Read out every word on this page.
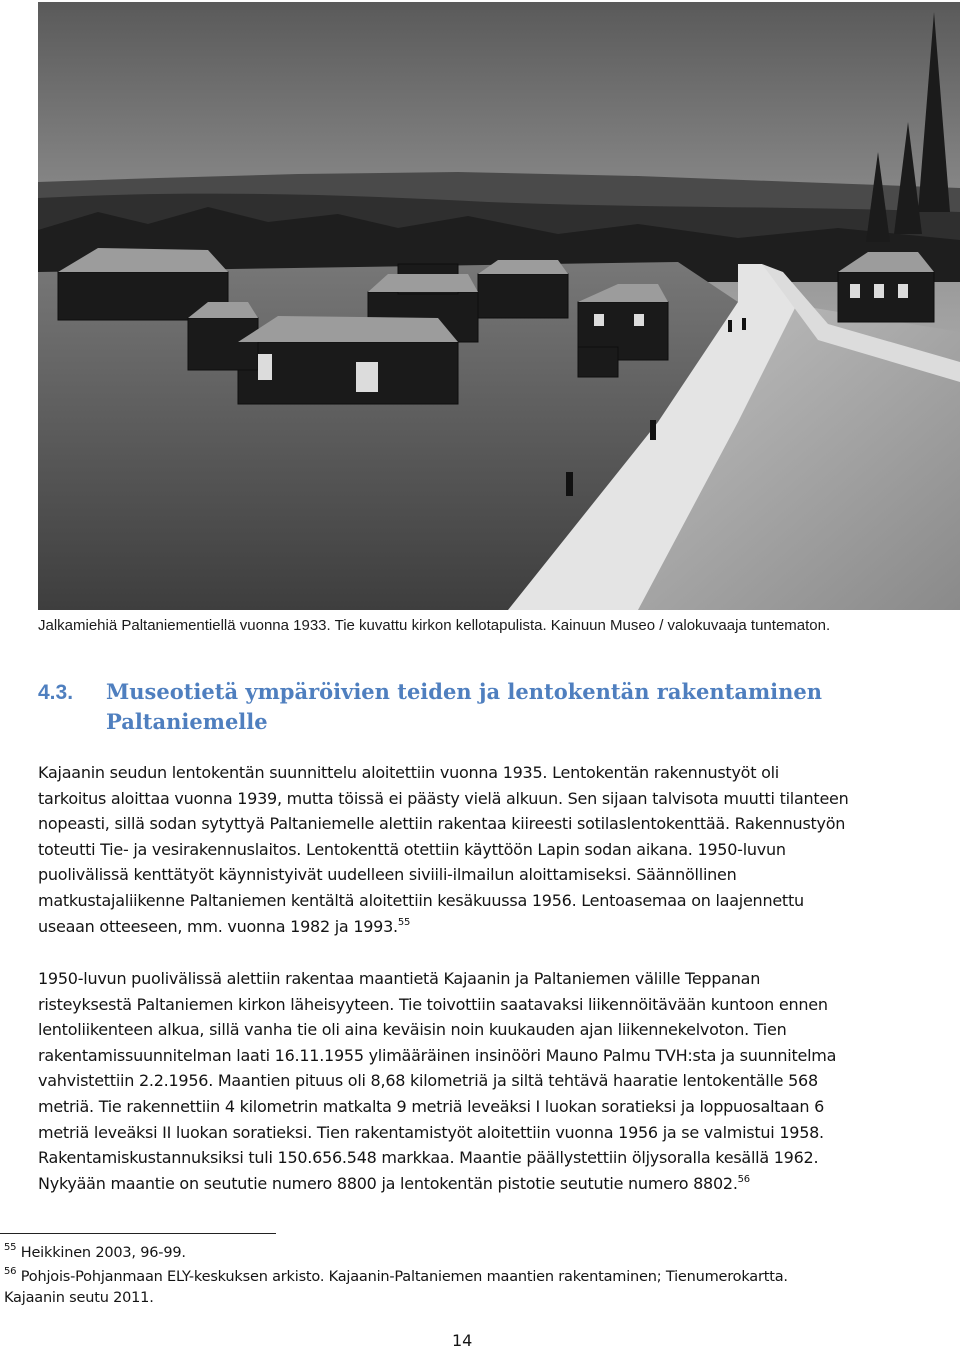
Jalkamiehiä Paltaniementiellä vuonna 1933. Tie kuvattu kirkon kellotapulista. Kainuun Museo / valokuvaaja tuntematon.
4.3. Museotietä ympäröivien teiden ja lentokentän rakentaminen
Paltaniemelle
Kajaanin seudun lentokentän suunnittelu aloitettiin vuonna 1935. Lentokentän rakennustyöt oli
tarkoitus aloittaa vuonna 1939, mutta töissä ei päästy vielä alkuun. Sen sijaan talvisota muutti tilanteen
nopeasti, sillä sodan sytyttyä Paltaniemelle alettiin rakentaa kiireesti sotilaslentokenttää. Rakennustyön
toteutti Tie- ja vesirakennuslaitos. Lentokenttä otettiin käyttöön Lapin sodan aikana. 1950-luvun
puolivälissä kenttätyöt käynnistyivät uudelleen siviili-ilmailun aloittamiseksi. Säännöllinen
matkustajaliikenne Paltaniemen kentältä aloitettiin kesäkuussa 1956. Lentoasemaa on laajennettu
useaan otteeseen, mm. vuonna 1982 ja 1993.55
1950-luvun puolivälissä alettiin rakentaa maantietä Kajaanin ja Paltaniemen välille Teppanan
risteyksestä Paltaniemen kirkon läheisyyteen. Tie toivottiin saatavaksi liikennöitävään kuntoon ennen
lentoliikenteen alkua, sillä vanha tie oli aina keväisin noin kuukauden ajan liikennekelvoton. Tien
rakentamissuunnitelman laati 16.11.1955 ylimääräinen insinööri Mauno Palmu TVH:sta ja suunnitelma
vahvistettiin 2.2.1956. Maantien pituus oli 8,68 kilometriä ja siltä tehtävä haaratie lentokentälle 568
metriä. Tie rakennettiin 4 kilometrin matkalta 9 metriä leveäksi I luokan soratieksi ja loppuosaltaan 6
metriä leveäksi II luokan soratieksi. Tien rakentamistyöt aloitettiin vuonna 1956 ja se valmistui 1958.
Rakentamiskustannuksiksi tuli 150.656.548 markkaa. Maantie päällystettiin öljysoralla kesällä 1962.
Nykyään maantie on seututie numero 8800 ja lentokentän pistotie seututie numero 8802.56
$^{55}$ Heikkinen 2003, 96-99.
$^{56}$ Pohjois-Pohjanmaan ELY-keskuksen arkisto. Kajaanin-Paltaniemen maantien rakentaminen; Tienumerokartta.
Kajaanin seutu 2011.
14
